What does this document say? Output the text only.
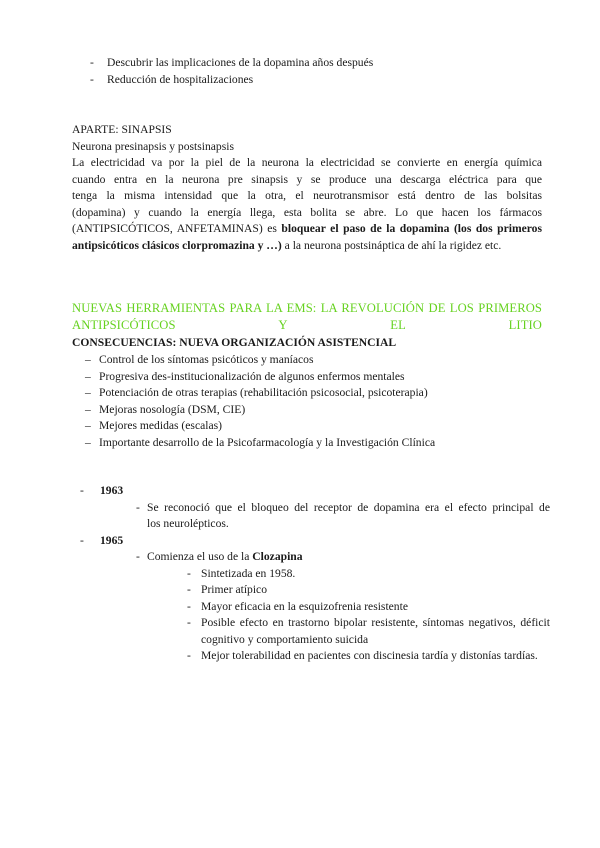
- Descubrir las implicaciones de la dopamina años después
- Reducción de hospitalizaciones

APARTE: SINAPSIS

Neurona presinapsis y postsinapsis

La electricidad va por la piel de la neurona la electricidad se convierte en energía química
cuando entra en la neurona pre sinapsis y se produce una descarga eléctrica para que
tenga la misma intensidad que la otra, el neurotransmisor está dentro de las bolsitas
(dopamina) y cuando la energía llega, esta bolita se abre. Lo que hacen los fármacos
(ANTIPSICÓTICOS, ANFETAMINAS) es bloquear el paso de la dopamina (los dos primeros
antipsicóticos clásicos clorpromazina y …) a la neurona postsináptica de ahí la rigidez etc.
NUEVAS HERRAMIENTAS PARA LA EMS: LA REVOLUCIÓN DE LOS PRIMEROS ANTIPSICÓTICOS Y EL LITIO

CONSECUENCIAS: NUEVA ORGANIZACIÓN ASISTENCIAL

– Control de los síntomas psicóticos y maníacos
– Progresiva des-institucionalización de algunos enfermos mentales
– Potenciación de otras terapias (rehabilitación psicosocial, psicoterapia)
– Mejoras nosología (DSM, CIE)
– Mejores medidas (escalas)
– Importante desarrollo de la Psicofarmacología y la Investigación Clínica
- 1963
- Se reconoció que el bloqueo del receptor de dopamina era el efecto principal de
los neurolépticos.
- 1965
- Comienza el uso de la Clozapina
- Sintetizada en 1958.
- Primer atípico
- Mayor eficacia en la esquizofrenia resistente
- Posible efecto en trastorno bipolar resistente, síntomas negativos, déficit
cognitivo y comportamiento suicida
- Mejor tolerabilidad en pacientes con discinesia tardía y distonías tardías.
